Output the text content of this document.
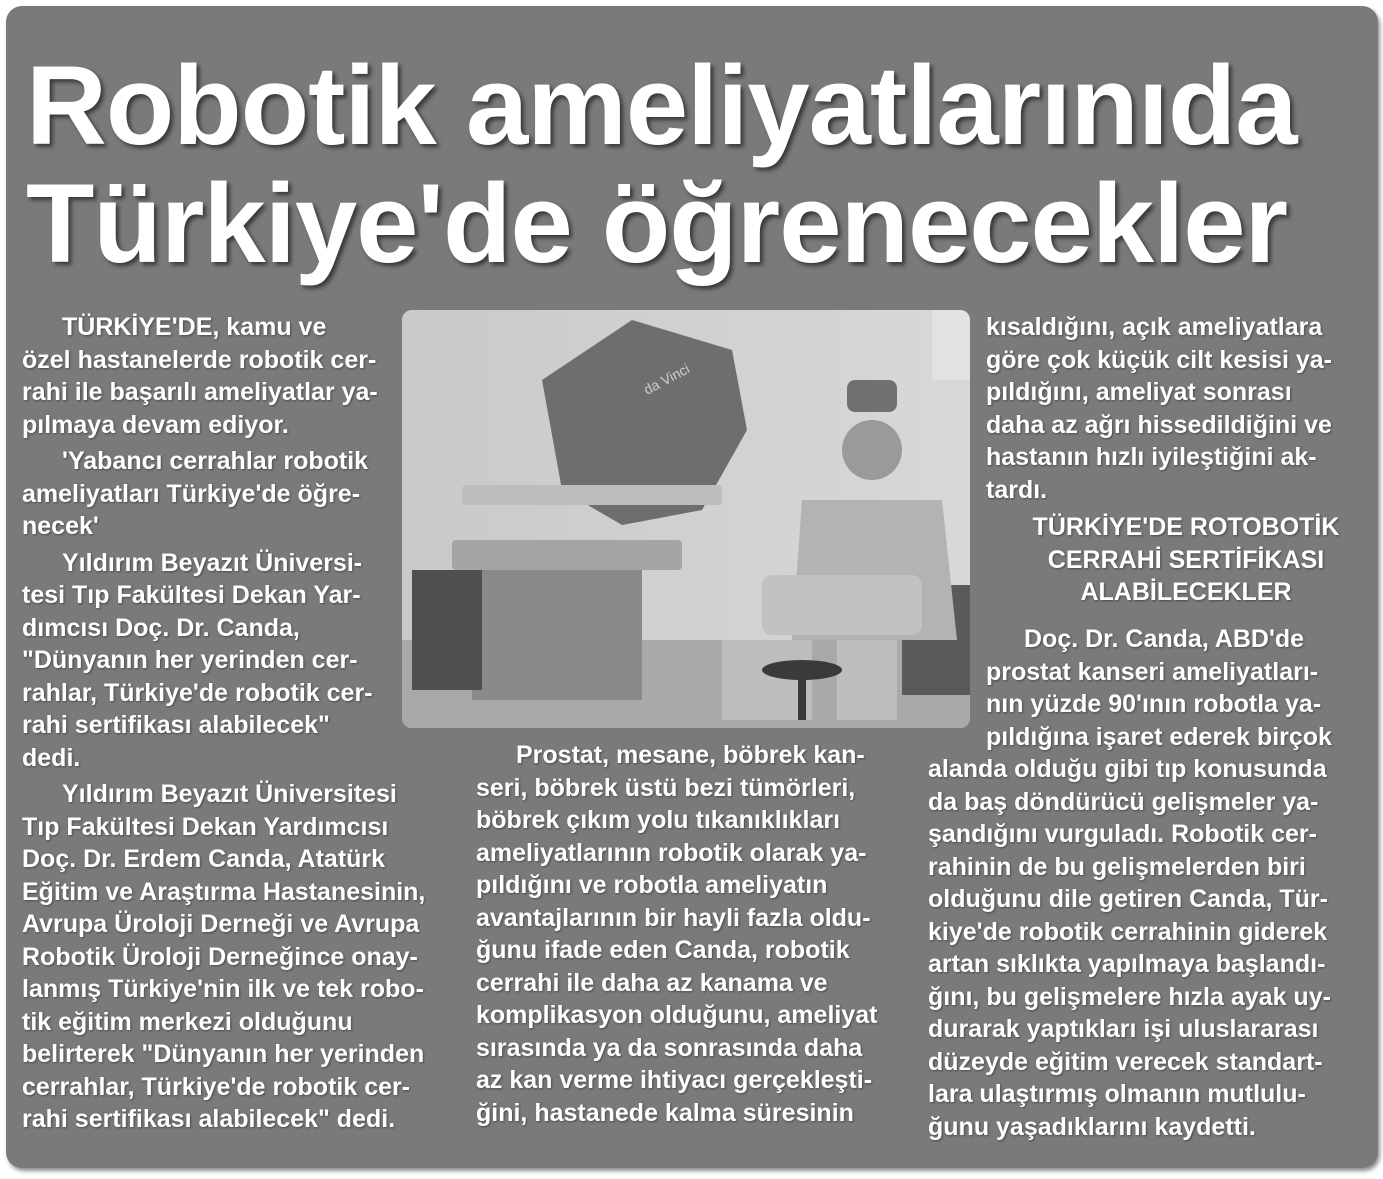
Robotik ameliyatlarınıda
Türkiye'de öğrenecekler
TÜRKİYE'DE, kamu ve
özel hastanelerde robotik cer-
rahi ile başarılı ameliyatlar ya-
pılmaya devam ediyor.
'Yabancı cerrahlar robotik
ameliyatları Türkiye'de öğre-
necek'
Yıldırım Beyazıt Üniversi-
tesi Tıp Fakültesi Dekan Yar-
dımcısı Doç. Dr. Canda,
"Dünyanın her yerinden cer-
rahlar, Türkiye'de robotik cer-
rahi sertifikası alabilecek"
dedi.
Yıldırım Beyazıt Üniversitesi
Tıp Fakültesi Dekan Yardımcısı
Doç. Dr. Erdem Canda, Atatürk
Eğitim ve Araştırma Hastanesinin,
Avrupa Üroloji Derneği ve Avrupa
Robotik Üroloji Derneğince onay-
lanmış Türkiye'nin ilk ve tek robo-
tik eğitim merkezi olduğunu
belirterek "Dünyanın her yerinden
cerrahlar, Türkiye'de robotik cer-
rahi sertifikası alabilecek" dedi.
da Vinci
Prostat, mesane, böbrek kan-
seri, böbrek üstü bezi tümörleri,
böbrek çıkım yolu tıkanıklıkları
ameliyatlarının robotik olarak ya-
pıldığını ve robotla ameliyatın
avantajlarının bir hayli fazla oldu-
ğunu ifade eden Canda, robotik
cerrahi ile daha az kanama ve
komplikasyon olduğunu, ameliyat
sırasında ya da sonrasında daha
az kan verme ihtiyacı gerçekleşti-
ğini, hastanede kalma süresinin
kısaldığını, açık ameliyatlara
göre çok küçük cilt kesisi ya-
pıldığını, ameliyat sonrası
daha az ağrı hissedildiğini ve
hastanın hızlı iyileştiğini ak-
tardı.
TÜRKİYE'DE ROTOBOTİK
CERRAHİ SERTİFİKASI
ALABİLECEKLER
Doç. Dr. Canda, ABD'de
prostat kanseri ameliyatları-
nın yüzde 90'ının robotla ya-
pıldığına işaret ederek birçok
alanda olduğu gibi tıp konusunda
da baş döndürücü gelişmeler ya-
şandığını vurguladı. Robotik cer-
rahinin de bu gelişmelerden biri
olduğunu dile getiren Canda, Tür-
kiye'de robotik cerrahinin giderek
artan sıklıkta yapılmaya başlandı-
ğını, bu gelişmelere hızla ayak uy-
durarak yaptıkları işi uluslararası
düzeyde eğitim verecek standart-
lara ulaştırmış olmanın mutlulu-
ğunu yaşadıklarını kaydetti.
